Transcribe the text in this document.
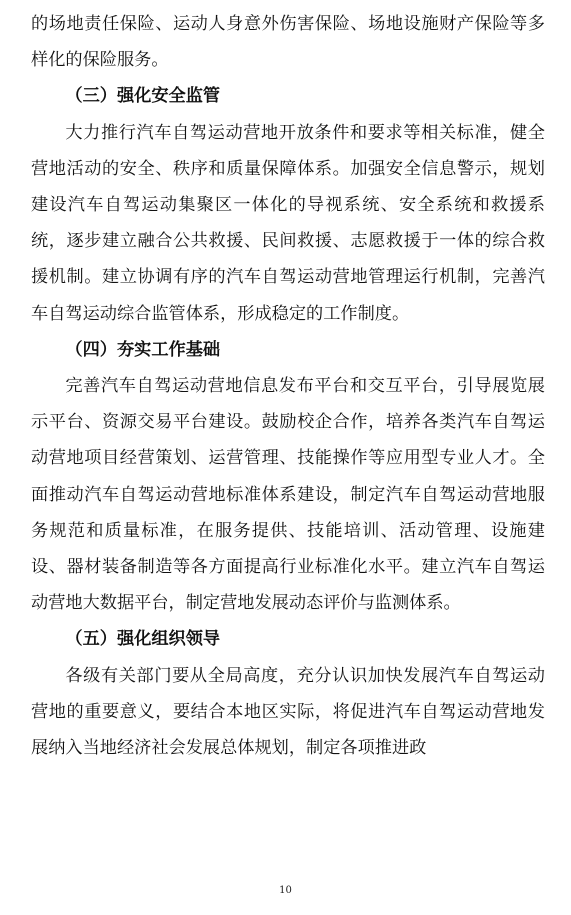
的场地责任保险、运动人身意外伤害保险、场地设施财产保险等多样化的保险服务。

（三）强化安全监管

大力推行汽车自驾运动营地开放条件和要求等相关标准，健全营地活动的安全、秩序和质量保障体系。加强安全信息警示，规划建设汽车自驾运动集聚区一体化的导视系统、安全系统和救援系统，逐步建立融合公共救援、民间救援、志愿救援于一体的综合救援机制。建立协调有序的汽车自驾运动营地管理运行机制，完善汽车自驾运动综合监管体系，形成稳定的工作制度。

（四）夯实工作基础

完善汽车自驾运动营地信息发布平台和交互平台，引导展览展示平台、资源交易平台建设。鼓励校企合作，培养各类汽车自驾运动营地项目经营策划、运营管理、技能操作等应用型专业人才。全面推动汽车自驾运动营地标准体系建设，制定汽车自驾运动营地服务规范和质量标准，在服务提供、技能培训、活动管理、设施建设、器材装备制造等各方面提高行业标准化水平。建立汽车自驾运动营地大数据平台，制定营地发展动态评价与监测体系。

（五）强化组织领导

各级有关部门要从全局高度，充分认识加快发展汽车自驾运动营地的重要意义，要结合本地区实际，将促进汽车自驾运动营地发展纳入当地经济社会发展总体规划，制定各项推进政

10
